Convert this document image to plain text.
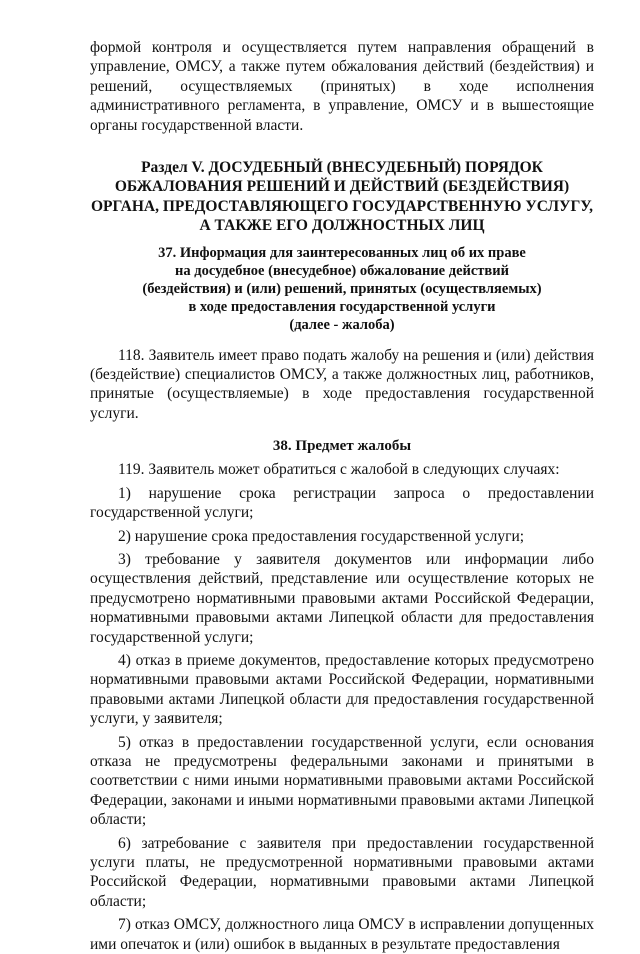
формой контроля и осуществляется путем направления обращений в управление, ОМСУ, а также путем обжалования действий (бездействия) и решений, осуществляемых (принятых) в ходе исполнения административного регламента, в управление, ОМСУ и в вышестоящие органы государственной власти.

Раздел V. ДОСУДЕБНЫЙ (ВНЕСУДЕБНЫЙ) ПОРЯДОК
ОБЖАЛОВАНИЯ РЕШЕНИЙ И ДЕЙСТВИЙ (БЕЗДЕЙСТВИЯ)
ОРГАНА, ПРЕДОСТАВЛЯЮЩЕГО ГОСУДАРСТВЕННУЮ УСЛУГУ,
А ТАКЖЕ ЕГО ДОЛЖНОСТНЫХ ЛИЦ
37. Информация для заинтересованных лиц об их праве
на досудебное (внесудебное) обжалование действий
(бездействия) и (или) решений, принятых (осуществляемых)
в ходе предоставления государственной услуги
(далее - жалоба)

118. Заявитель имеет право подать жалобу на решения и (или) действия (бездействие) специалистов ОМСУ, а также должностных лиц, работников, принятые (осуществляемые) в ходе предоставления государственной услуги.

38. Предмет жалобы

119. Заявитель может обратиться с жалобой в следующих случаях:

1) нарушение срока регистрации запроса о предоставлении государственной услуги;

2) нарушение срока предоставления государственной услуги;

3) требование у заявителя документов или информации либо осуществления действий, представление или осуществление которых не предусмотрено нормативными правовыми актами Российской Федерации, нормативными правовыми актами Липецкой области для предоставления государственной услуги;

4) отказ в приеме документов, предоставление которых предусмотрено нормативными правовыми актами Российской Федерации, нормативными правовыми актами Липецкой области для предоставления государственной услуги, у заявителя;

5) отказ в предоставлении государственной услуги, если основания отказа не предусмотрены федеральными законами и принятыми в соответствии с ними иными нормативными правовыми актами Российской Федерации, законами и иными нормативными правовыми актами Липецкой области;

6) затребование с заявителя при предоставлении государственной услуги платы, не предусмотренной нормативными правовыми актами Российской Федерации, нормативными правовыми актами Липецкой области;

7) отказ ОМСУ, должностного лица ОМСУ в исправлении допущенных ими опечаток и (или) ошибок в выданных в результате предоставления
